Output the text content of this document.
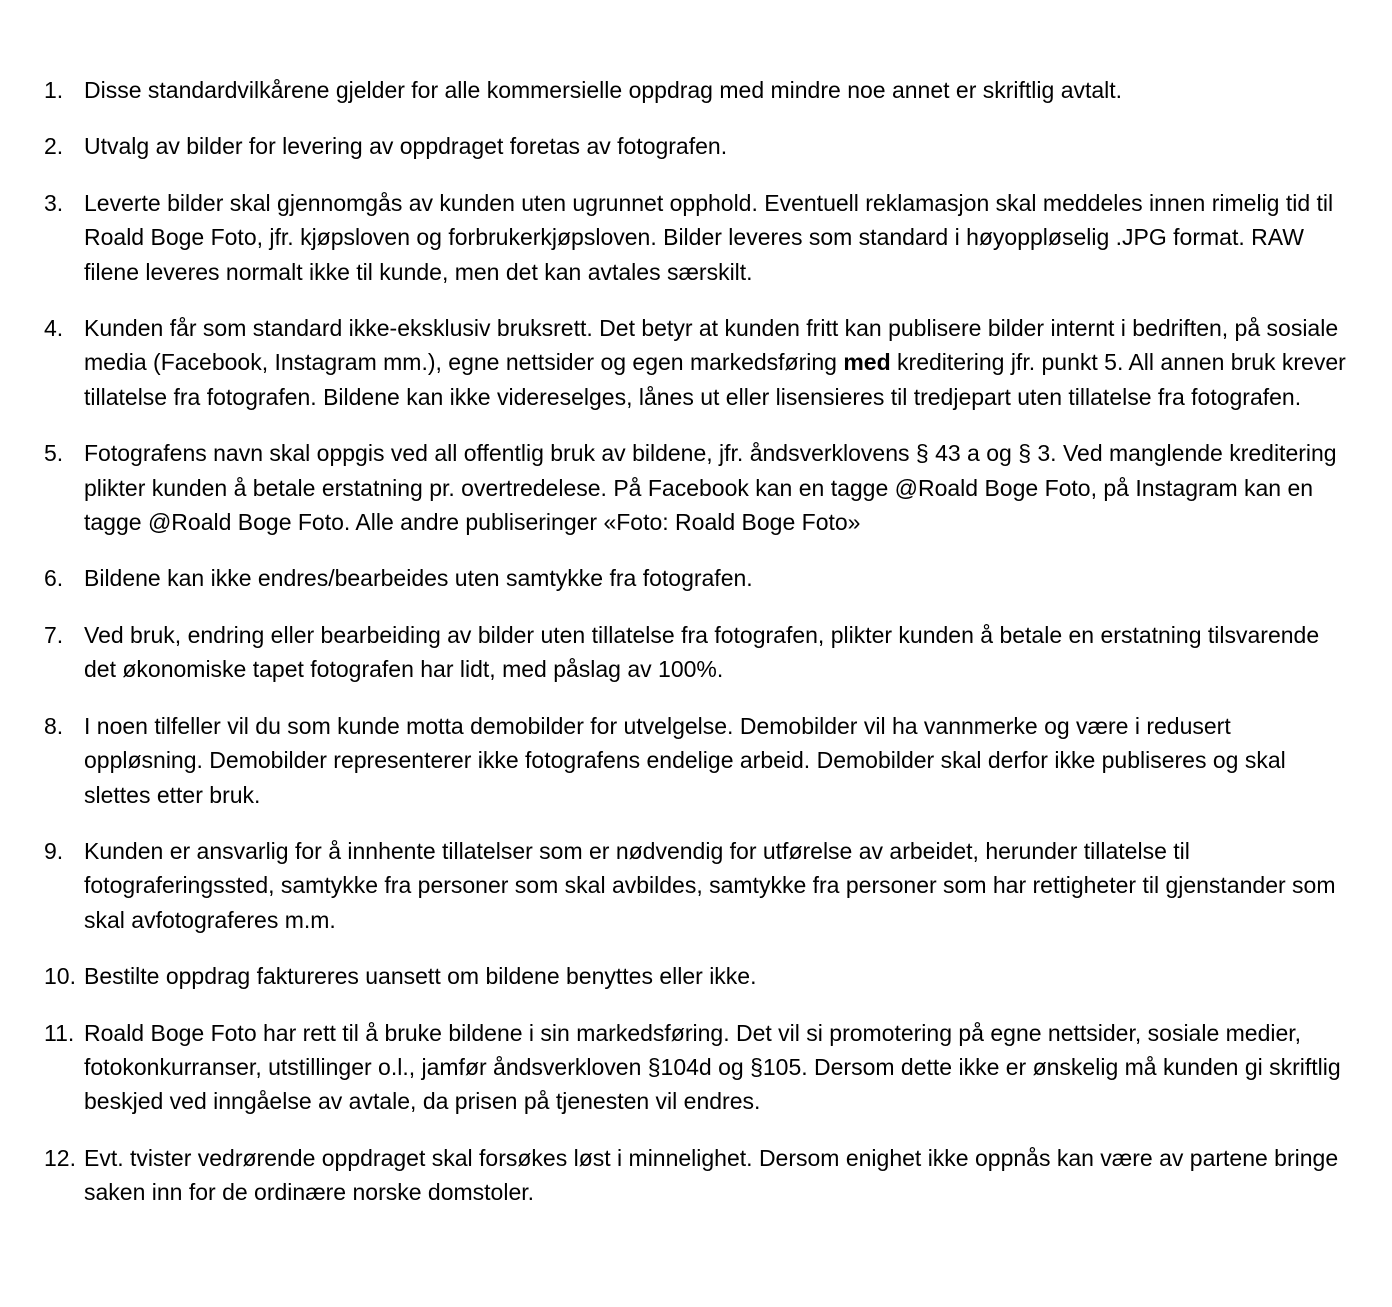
1. Disse standardvilkårene gjelder for alle kommersielle oppdrag med mindre noe annet er skriftlig avtalt.
2. Utvalg av bilder for levering av oppdraget foretas av fotografen.
3. Leverte bilder skal gjennomgås av kunden uten ugrunnet opphold. Eventuell reklamasjon skal meddeles innen rimelig tid til Roald Boge Foto, jfr. kjøpsloven og forbrukerkjøpsloven. Bilder leveres som standard i høyoppløselig .JPG format. RAW filene leveres normalt ikke til kunde, men det kan avtales særskilt.
4. Kunden får som standard ikke-eksklusiv bruksrett. Det betyr at kunden fritt kan publisere bilder internt i bedriften, på sosiale media (Facebook, Instagram mm.), egne nettsider og egen markedsføring med kreditering jfr. punkt 5. All annen bruk krever tillatelse fra fotografen. Bildene kan ikke videreselges, lånes ut eller lisensieres til tredjepart uten tillatelse fra fotografen.
5. Fotografens navn skal oppgis ved all offentlig bruk av bildene, jfr. åndsverklovens § 43 a og § 3. Ved manglende kreditering plikter kunden å betale erstatning pr. overtredelese. På Facebook kan en tagge @Roald Boge Foto, på Instagram kan en tagge @Roald Boge Foto. Alle andre publiseringer «Foto: Roald Boge Foto»
6. Bildene kan ikke endres/bearbeides uten samtykke fra fotografen.
7. Ved bruk, endring eller bearbeiding av bilder uten tillatelse fra fotografen, plikter kunden å betale en erstatning tilsvarende det økonomiske tapet fotografen har lidt, med påslag av 100%.
8. I noen tilfeller vil du som kunde motta demobilder for utvelgelse. Demobilder vil ha vannmerke og være i redusert oppløsning. Demobilder representerer ikke fotografens endelige arbeid. Demobilder skal derfor ikke publiseres og skal slettes etter bruk.
9. Kunden er ansvarlig for å innhente tillatelser som er nødvendig for utførelse av arbeidet, herunder tillatelse til fotograferingssted, samtykke fra personer som skal avbildes, samtykke fra personer som har rettigheter til gjenstander som skal avfotograferes m.m.
10. Bestilte oppdrag faktureres uansett om bildene benyttes eller ikke.
11. Roald Boge Foto har rett til å bruke bildene i sin markedsføring. Det vil si promotering på egne nettsider, sosiale medier, fotokonkurranser, utstillinger o.l., jamfør åndsverkloven §104d og §105. Dersom dette ikke er ønskelig må kunden gi skriftlig beskjed ved inngåelse av avtale, da prisen på tjenesten vil endres.
12. Evt. tvister vedrørende oppdraget skal forsøkes løst i minnelighet. Dersom enighet ikke oppnås kan være av partene bringe saken inn for de ordinære norske domstoler.
